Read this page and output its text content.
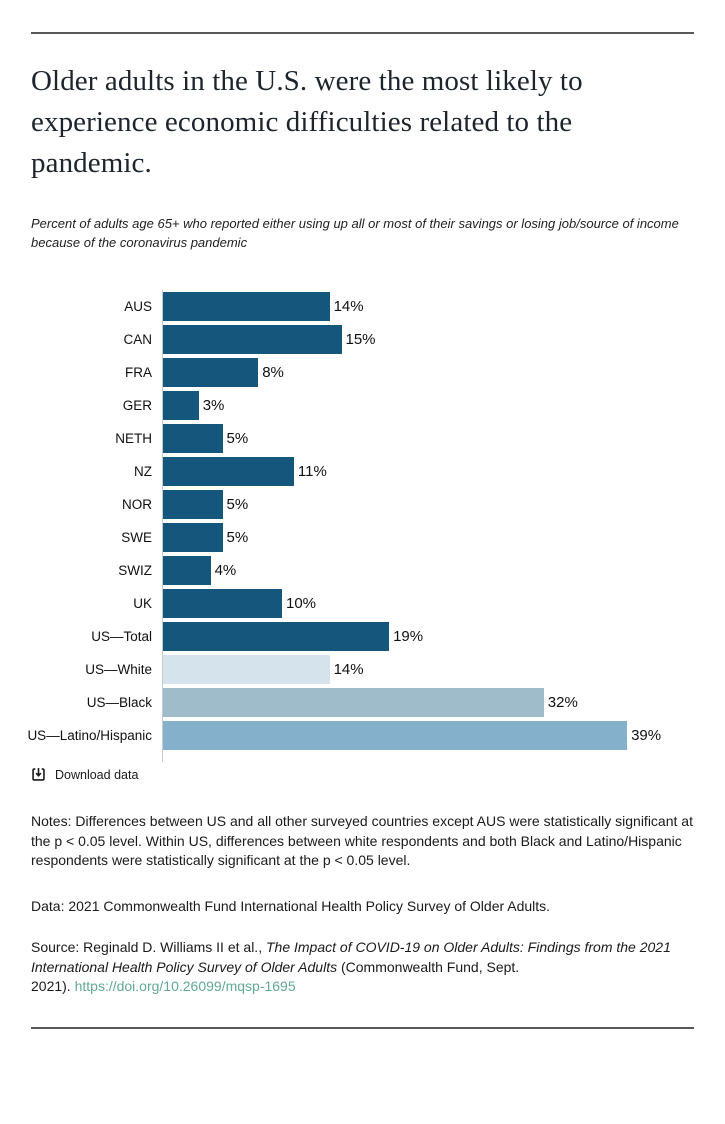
Older adults in the U.S. were the most likely to experience economic difficulties related to the pandemic.
Percent of adults age 65+ who reported either using up all or most of their savings or losing job/source of income because of the coronavirus pandemic
AUS
CAN
FRA
GER
NETH
NZ
NOR
SWE
SWIZ
UK
US—Total
US—White
US—Black
US—Latino/Hispanic
14%
15%
8%
3%
5%
11%
5%
5%
4%
10%
19%
14%
32%
39%
Download data
Notes: Differences between US and all other surveyed countries except AUS were statistically significant at the p < 0.05 level. Within US, differences between white respondents and both Black and Latino/Hispanic respondents were statistically significant at the p < 0.05 level.
Data: 2021 Commonwealth Fund International Health Policy Survey of Older Adults.
Source: Reginald D. Williams II et al., The Impact of COVID-19 on Older Adults: Findings from the 2021
International Health Policy Survey of Older Adults (Commonwealth Fund, Sept.
2021). https://doi.org/10.26099/mqsp-1695
